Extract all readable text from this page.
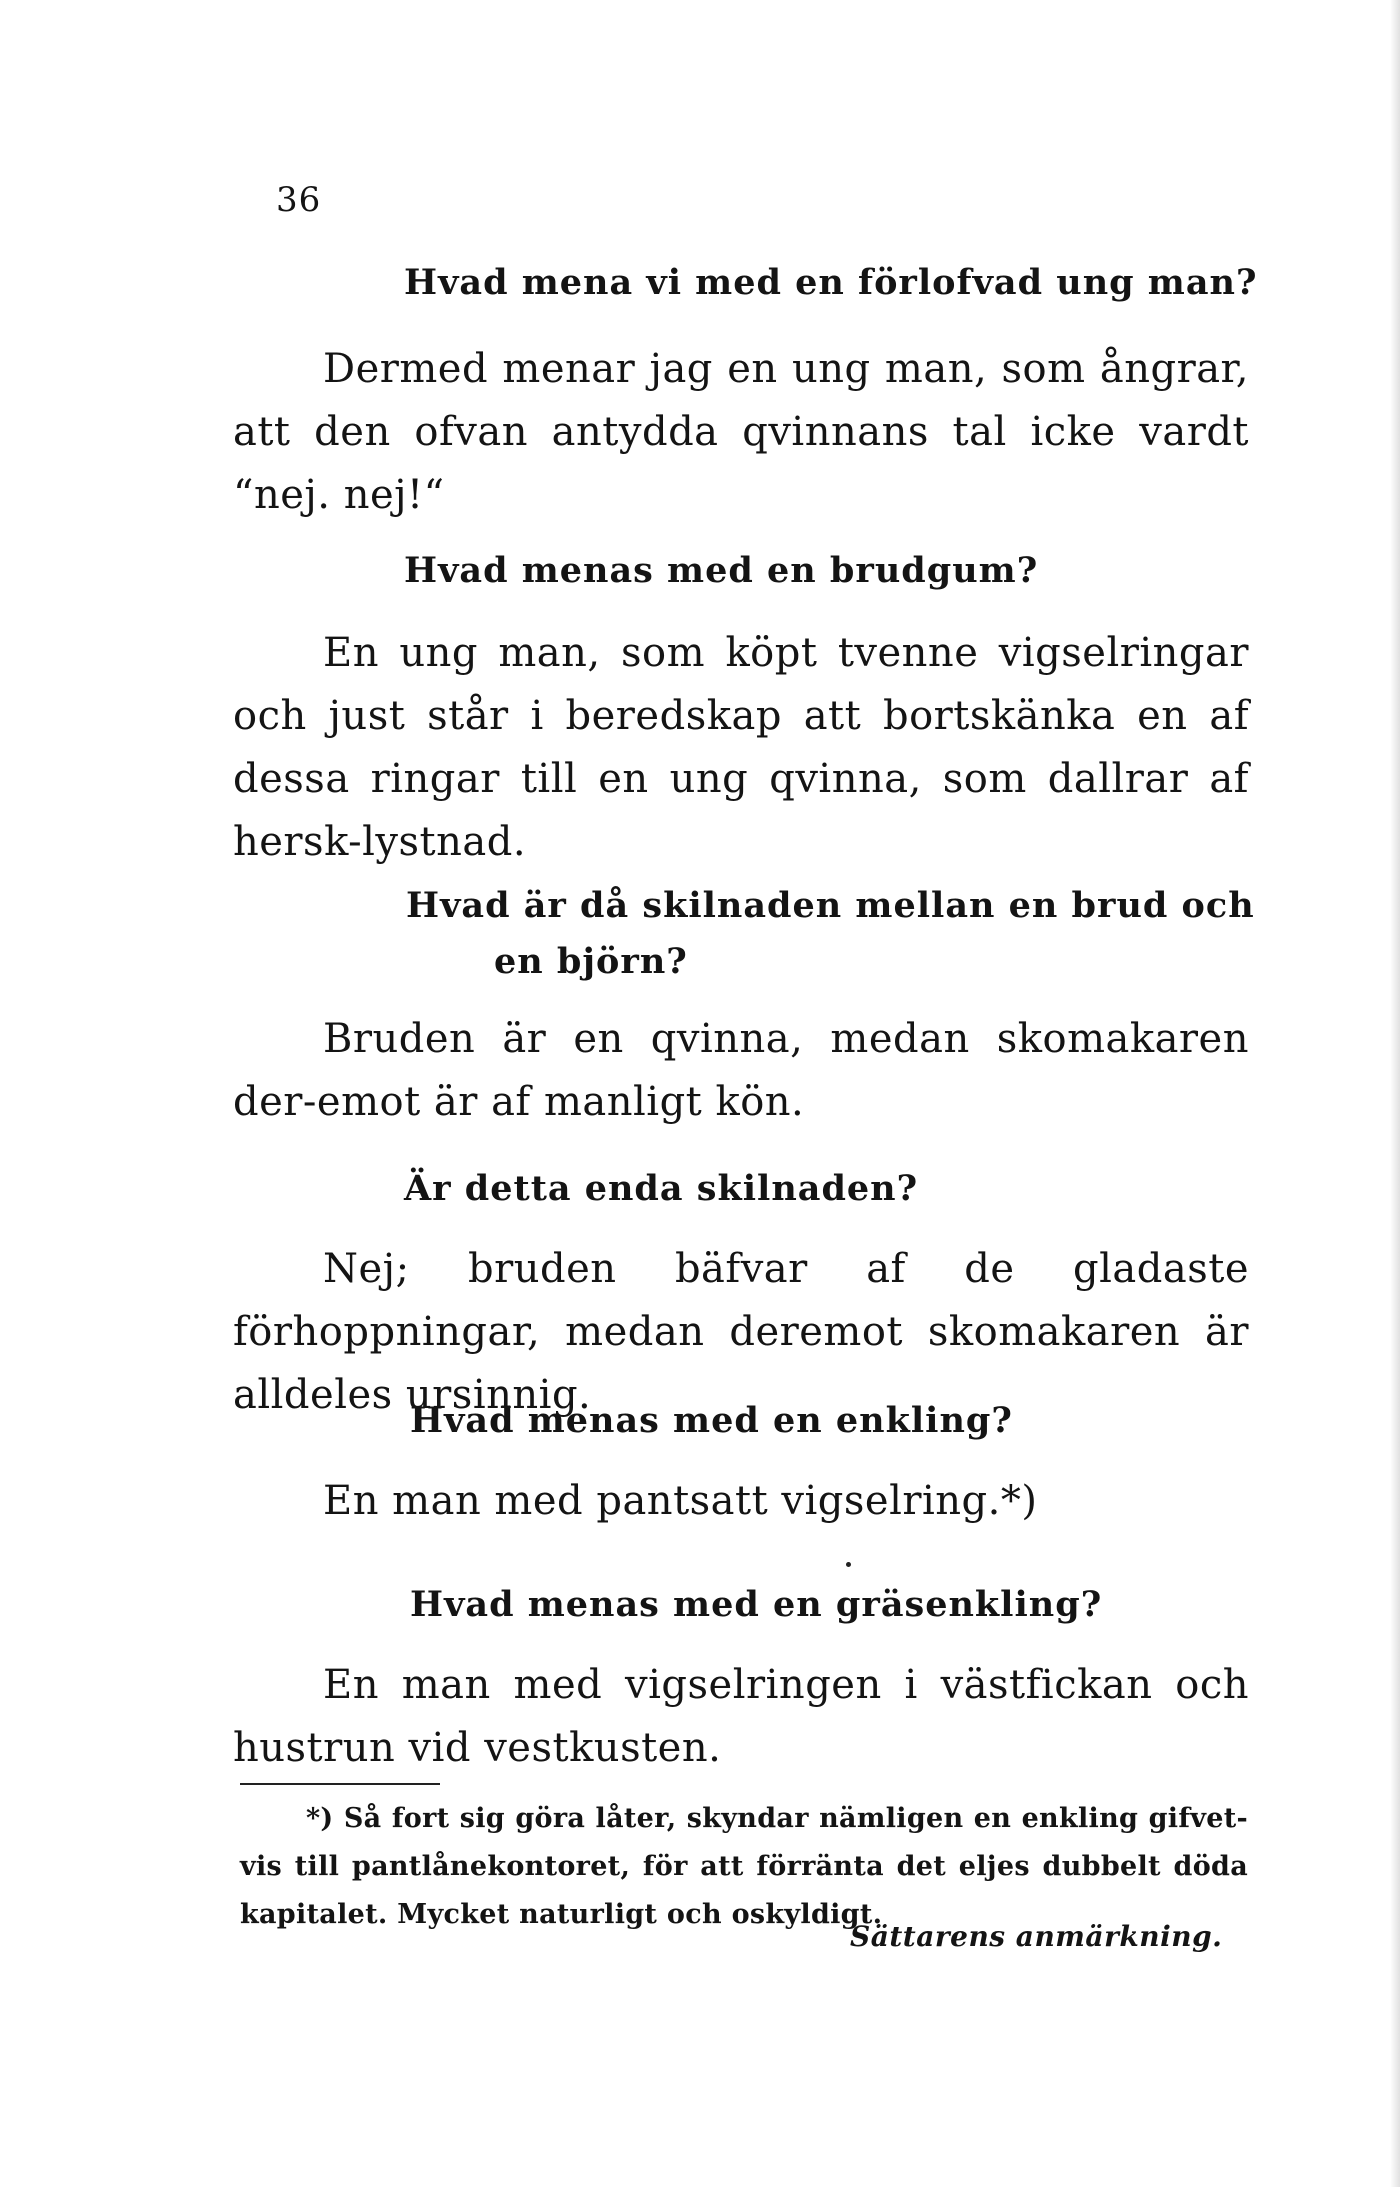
36
Hvad mena vi med en förlofvad ung man?
Dermed menar jag en ung man, som ångrar, att den ofvan antydda qvinnans tal icke vardt “nej. nej!“
Hvad menas med en brudgum?
En ung man, som köpt tvenne vigselringar och just står i beredskap att bortskänka en af dessa ringar till en ung qvinna, som dallrar af hersk-lystnad.
Hvad är då skilnaden mellan en brud och
en björn?
Bruden är en qvinna, medan skomakaren der-emot är af manligt kön.
Är detta enda skilnaden?
Nej; bruden bäfvar af de gladaste förhoppningar, medan deremot skomakaren är alldeles ursinnig.
Hvad menas med en enkling?
En man med pantsatt vigselring.*)
Hvad menas med en gräsenkling?
En man med vigselringen i västfickan och hustrun vid vestkusten.
*) Så fort sig göra låter, skyndar nämligen en enkling gifvet-vis till pantlånekontoret, för att förränta det eljes dubbelt döda kapitalet. Mycket naturligt och oskyldigt.
Sättarens anmärkning.
